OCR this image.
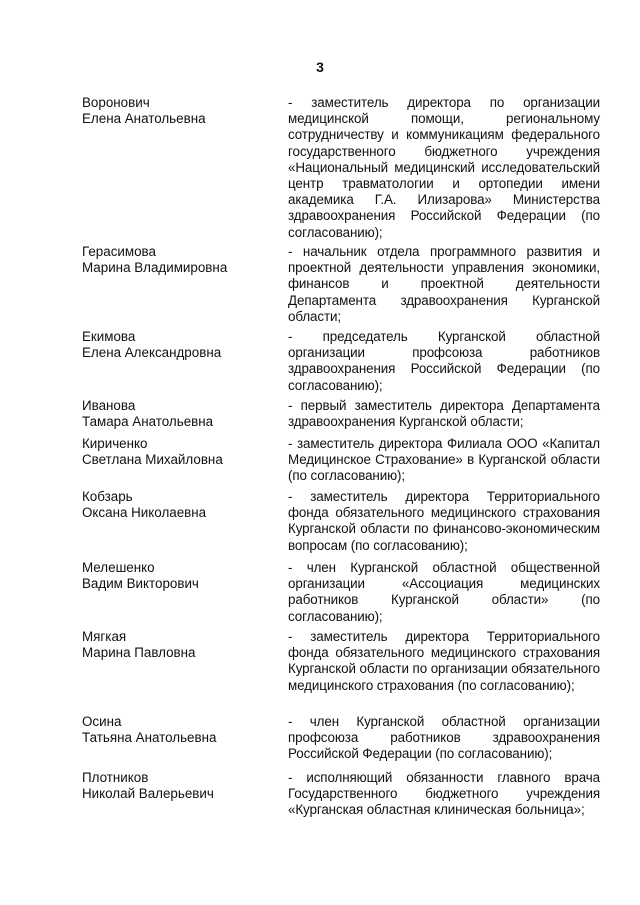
3
Воронович
Елена Анатольевна
- заместитель директора по организации медицинской помощи, региональному сотрудничеству и коммуникациям федерального государственного бюджетного учреждения «Национальный медицинский исследовательский центр травматологии и ортопедии имени академика Г.А. Илизарова» Министерства здравоохранения Российской Федерации (по согласованию);
Герасимова
Марина Владимировна
- начальник отдела программного развития и проектной деятельности управления экономики, финансов и проектной деятельности Департамента здравоохранения Курганской области;
Екимова
Елена Александровна
- председатель Курганской областной организации профсоюза работников здравоохранения Российской Федерации (по согласованию);
Иванова
Тамара Анатольевна
- первый заместитель директора Департамента здравоохранения Курганской области;
Кириченко
Светлана Михайловна
- заместитель директора Филиала ООО «Капитал Медицинское Страхование» в Курганской области (по согласованию);
Кобзарь
Оксана Николаевна
- заместитель директора Территориального фонда обязательного медицинского страхования Курганской области по финансово-экономическим вопросам (по согласованию);
Мелешенко
Вадим Викторович
- член Курганской областной общественной организации «Ассоциация медицинских работников Курганской области» (по согласованию);
Мягкая
Марина Павловна
- заместитель директора Территориального фонда обязательного медицинского страхования Курганской области по организации обязательного медицинского страхования (по согласованию);
Осина
Татьяна Анатольевна
- член Курганской областной организации профсоюза работников здравоохранения Российской Федерации (по согласованию);
Плотников
Николай Валерьевич
- исполняющий обязанности главного врача Государственного бюджетного учреждения «Курганская областная клиническая больница»;
